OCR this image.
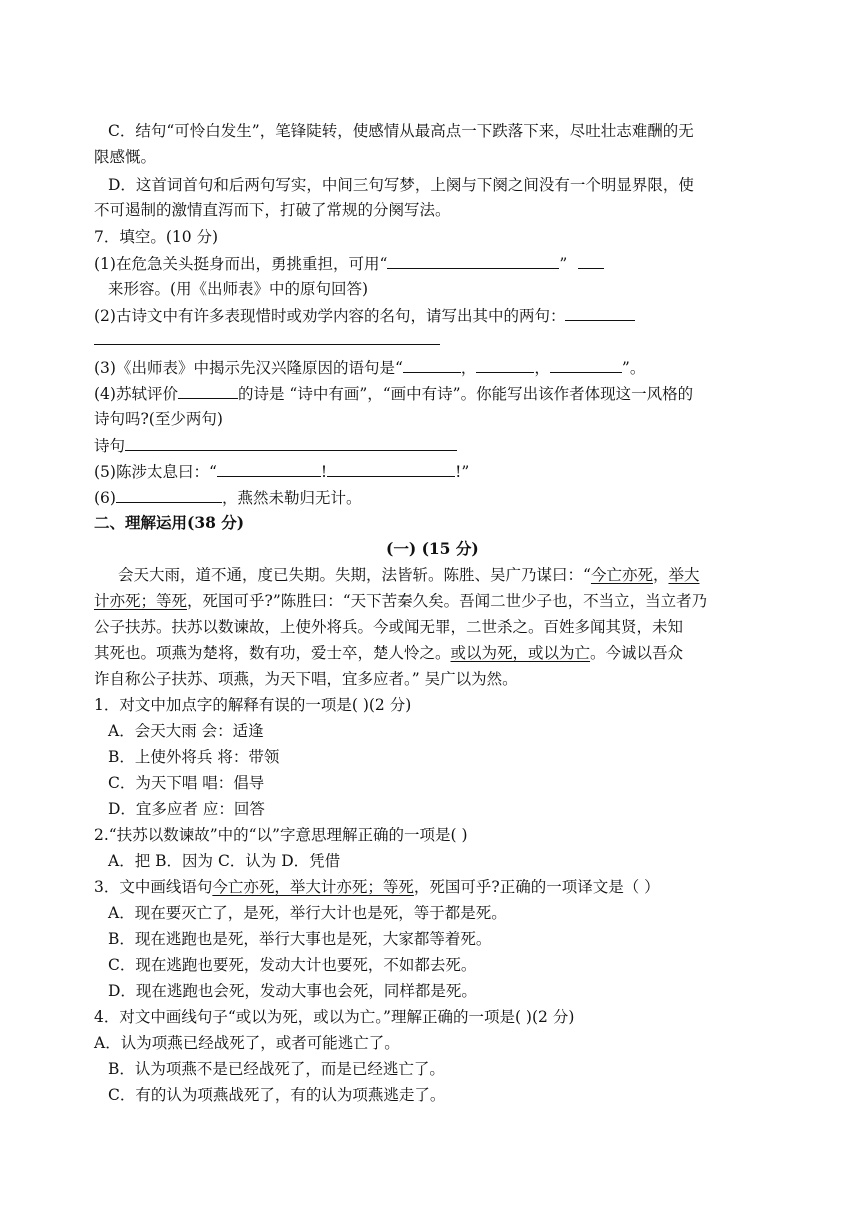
C．结句“可怜白发生”，笔锋陡转，使感情从最高点一下跌落下来，尽吐壮志难酬的无
限感慨。
D．这首词首句和后两句写实，中间三句写梦，上阕与下阕之间没有一个明显界限，使
不可遏制的激情直泻而下，打破了常规的分阕写法。
7．填空。(10 分)
(1)在危急关头挺身而出，勇挑重担，可用“	”
来形容。(用《出师表》中的原句回答)
(2)古诗文中有许多表现惜时或劝学内容的名句，请写出其中的两句：
(3)《出师表》中揭示先汉兴隆原因的语句是“	，	，	”。
(4)苏轼评价	的诗是 “诗中有画”，“画中有诗”。你能写出该作者体现这一风格的
诗句吗?(至少两句)
诗句
(5)陈涉太息曰：“	!	!”
(6)	，燕然未勒归无计。
二、理解运用(38 分)
(一) (15 分)
会天大雨，道不通，度已失期。失期，法皆斩。陈胜、吴广乃谋曰：“今亡亦死，举大
计亦死；等死，死国可乎?”陈胜曰：“天下苦秦久矣。吾闻二世少子也，不当立，当立者乃
公子扶苏。扶苏以数谏故，上使外将兵。今或闻无罪，二世杀之。百姓多闻其贤，未知
其死也。项燕为楚将，数有功，爱士卒，楚人怜之。或以为死，或以为亡。今诚以吾众
诈自称公子扶苏、项燕，为天下唱，宜多应者。” 吴广以为然。
1．对文中加点字的解释有误的一项是( )(2 分)
A．会天大雨 会：适逢
B．上使外将兵 将：带领
C．为天下唱 唱：倡导
D．宜多应者 应：回答
2.“扶苏以数谏故”中的“以”字意思理解正确的一项是( )
A．把 B．因为 C．认为 D．凭借
3．文中画线语句今亡亦死，举大计亦死；等死，死国可乎?正确的一项译文是（ ）
A．现在要灭亡了，是死，举行大计也是死，等于都是死。
B．现在逃跑也是死，举行大事也是死，大家都等着死。
C．现在逃跑也要死，发动大计也要死，不如都去死。
D．现在逃跑也会死，发动大事也会死，同样都是死。
4．对文中画线句子“或以为死，或以为亡。”理解正确的一项是( )(2 分)
A．认为项燕已经战死了，或者可能逃亡了。
B．认为项燕不是已经战死了，而是已经逃亡了。
C．有的认为项燕战死了，有的认为项燕逃走了。
